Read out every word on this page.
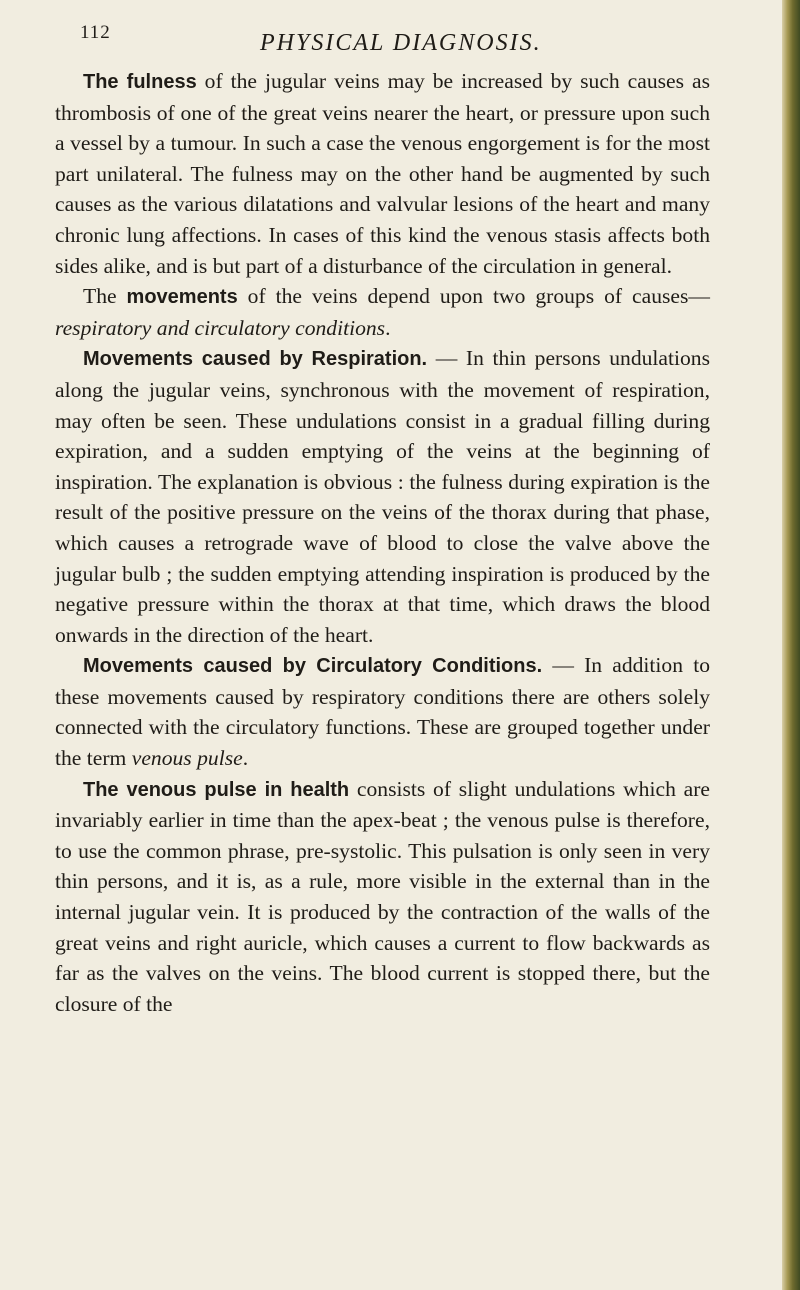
112	PHYSICAL DIAGNOSIS.

The fulness of the jugular veins may be increased by such causes as thrombosis of one of the great veins nearer the heart, or pressure upon such a vessel by a tumour. In such a case the venous engorgement is for the most part unilateral. The fulness may on the other hand be augmented by such causes as the various dilatations and valvular lesions of the heart and many chronic lung affections. In cases of this kind the venous stasis affects both sides alike, and is but part of a disturbance of the circulation in general.

The movements of the veins depend upon two groups of causes—respiratory and circulatory conditions.

Movements caused by Respiration. — In thin persons undulations along the jugular veins, synchronous with the movement of respiration, may often be seen. These undulations consist in a gradual filling during expiration, and a sudden emptying of the veins at the beginning of inspiration. The explanation is obvious : the fulness during expiration is the result of the positive pressure on the veins of the thorax during that phase, which causes a retrograde wave of blood to close the valve above the jugular bulb ; the sudden emptying attending inspiration is produced by the negative pressure within the thorax at that time, which draws the blood onwards in the direction of the heart.

Movements caused by Circulatory Conditions. — In addition to these movements caused by respiratory conditions there are others solely connected with the circulatory functions. These are grouped together under the term venous pulse.

The venous pulse in health consists of slight undulations which are invariably earlier in time than the apex-beat ; the venous pulse is therefore, to use the common phrase, pre-systolic. This pulsation is only seen in very thin persons, and it is, as a rule, more visible in the external than in the internal jugular vein. It is produced by the contraction of the walls of the great veins and right auricle, which causes a current to flow backwards as far as the valves on the veins. The blood current is stopped there, but the closure of the
